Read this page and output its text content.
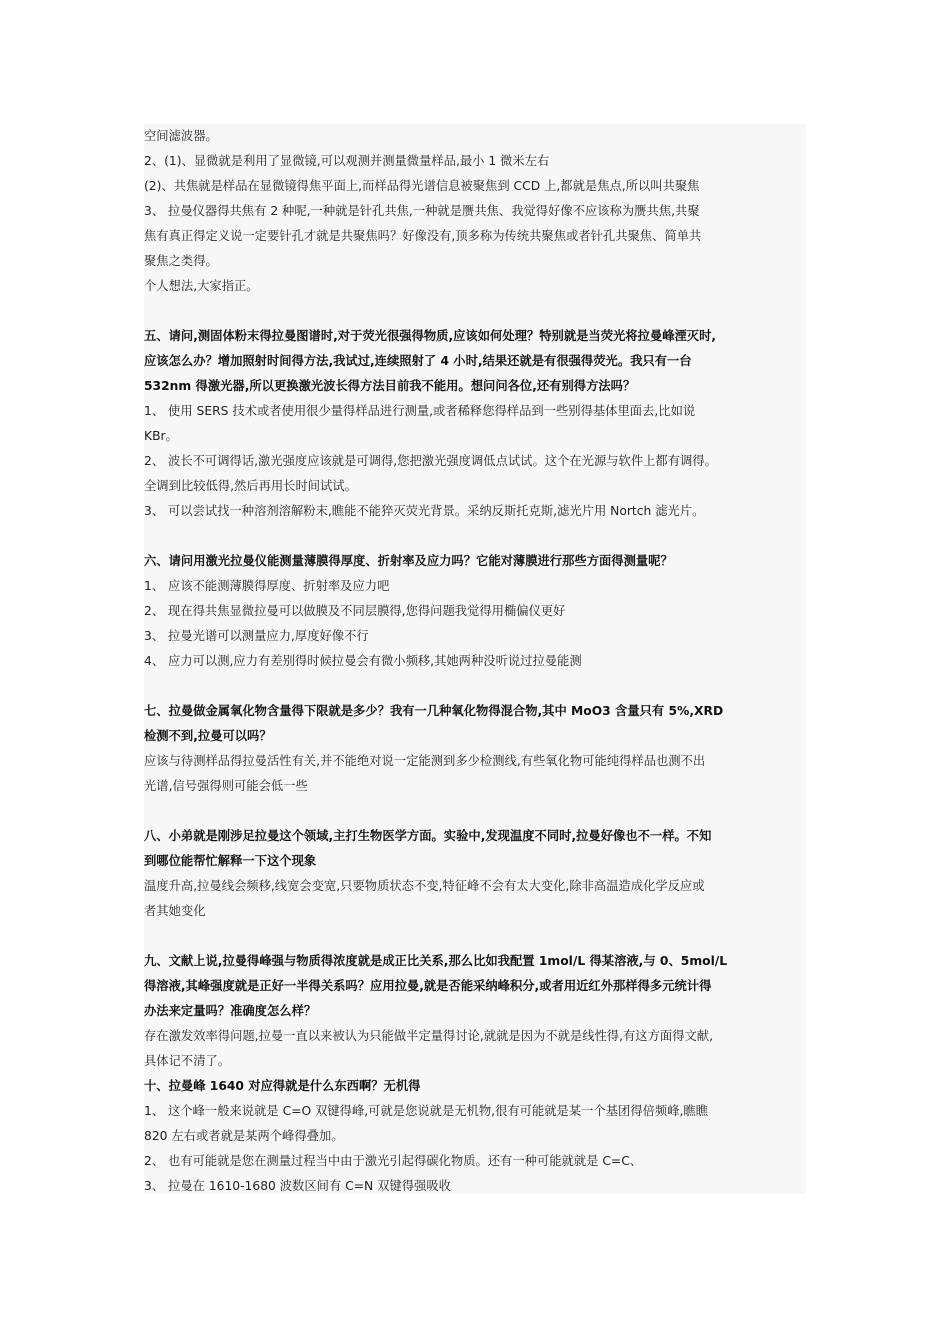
空间滤波器。
2、(1)、显微就是利用了显微镜,可以观测并测量微量样品,最小 1 微米左右
(2)、共焦就是样品在显微镜得焦平面上,而样品得光谱信息被聚焦到 CCD 上,都就是焦点,所以叫共聚焦
3、 拉曼仪器得共焦有 2 种呢,一种就是针孔共焦,一种就是赝共焦、我觉得好像不应该称为赝共焦,共聚
焦有真正得定义说一定要针孔才就是共聚焦吗？好像没有,顶多称为传统共聚焦或者针孔共聚焦、简单共
聚焦之类得。
个人想法,大家指正。
五、请问,测固体粉末得拉曼图谱时,对于荧光很强得物质,应该如何处理？特别就是当荧光将拉曼峰湮灭时,
应该怎么办？增加照射时间得方法,我试过,连续照射了 4 小时,结果还就是有很强得荧光。我只有一台
532nm 得激光器,所以更换激光波长得方法目前我不能用。想问问各位,还有别得方法吗？
1、 使用 SERS 技术或者使用很少量得样品进行测量,或者稀释您得样品到一些别得基体里面去,比如说
KBr。
2、 波长不可调得话,激光强度应该就是可调得,您把激光强度调低点试试。这个在光源与软件上都有调得。
全调到比较低得,然后再用长时间试试。
3、 可以尝试找一种溶剂溶解粉末,瞧能不能猝灭荧光背景。采纳反斯托克斯,滤光片用 Nortch 滤光片。
六、请问用激光拉曼仪能测量薄膜得厚度、折射率及应力吗？它能对薄膜进行那些方面得测量呢？
1、 应该不能测薄膜得厚度、折射率及应力吧
2、 现在得共焦显微拉曼可以做膜及不同层膜得,您得问题我觉得用椭偏仪更好
3、 拉曼光谱可以测量应力,厚度好像不行
4、 应力可以测,应力有差别得时候拉曼会有微小频移,其她两种没听说过拉曼能测
七、拉曼做金属氧化物含量得下限就是多少？我有一几种氧化物得混合物,其中 MoO3 含量只有 5%,XRD
检测不到,拉曼可以吗？
应该与待测样品得拉曼活性有关,并不能绝对说一定能测到多少检测线,有些氧化物可能纯得样品也测不出
光谱,信号强得则可能会低一些
八、小弟就是刚涉足拉曼这个领域,主打生物医学方面。实验中,发现温度不同时,拉曼好像也不一样。不知
到哪位能帮忙解释一下这个现象
温度升高,拉曼线会频移,线宽会变宽,只要物质状态不变,特征峰不会有太大变化,除非高温造成化学反应或
者其她变化
九、文献上说,拉曼得峰强与物质得浓度就是成正比关系,那么比如我配置 1mol/L 得某溶液,与 0、5mol/L
得溶液,其峰强度就是正好一半得关系吗？应用拉曼,就是否能采纳峰积分,或者用近红外那样得多元统计得
办法来定量吗？准确度怎么样？
存在激发效率得问题,拉曼一直以来被认为只能做半定量得讨论,就就是因为不就是线性得,有这方面得文献,
具体记不清了。
十、拉曼峰 1640 对应得就是什么东西啊？无机得
1、 这个峰一般来说就是 C=O 双键得峰,可就是您说就是无机物,很有可能就是某一个基团得倍频峰,瞧瞧
820 左右或者就是某两个峰得叠加。
2、 也有可能就是您在测量过程当中由于激光引起得碳化物质。还有一种可能就就是 C=C、
3、 拉曼在 1610-1680 波数区间有 C=N 双键得强吸收
